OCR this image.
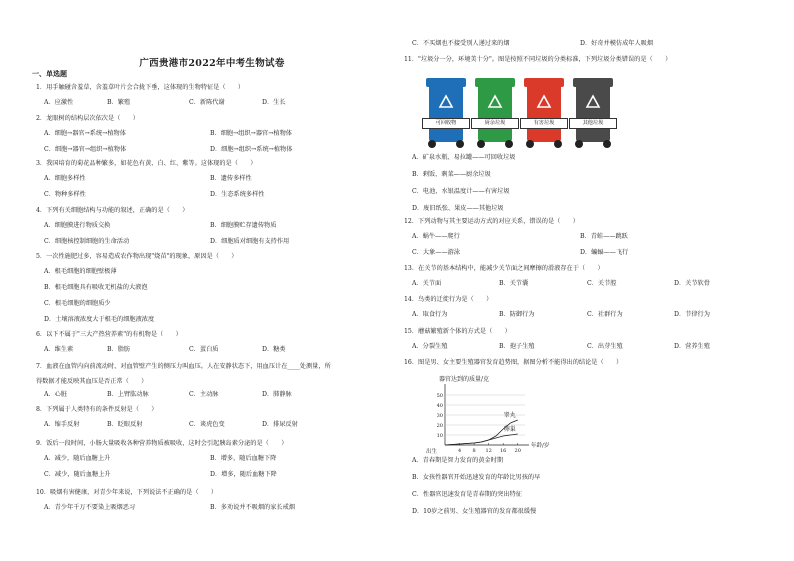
广西贵港市2022年中考生物试卷
一、单选题
1．用手触碰含羞草，含羞草叶片会合拢下垂，这体现的生物特征是（　　）
A．应激性	B．繁殖	C．新陈代谢	D．生长
2．龙眼树的结构层次依次是（　　）
A．细胞→器官→系统→植物体	B．细胞→组织→器官→植物体
C．细胞→器官→组织→植物体	D．细胞→组织→系统→植物体
3．我国培育的菊花品种繁多，如花色有黄、白、红、紫等。这体现的是（　　）
A．细胞多样性	B．遗传多样性
C．物种多样性	D．生态系统多样性
4．下列有关细胞结构与功能的叙述，正确的是（　　）
A．细胞膜进行物质交换	B．细胞膜贮存遗传物质
C．细胞核控制细胞的生命活动	D．细胞质对细胞有支持作用
5．一次性施肥过多，容易造成农作物出现"烧苗"的现象，原因是（　　）
A．根毛细胞的细胞壁极薄
B．根毛细胞具有吸收无机盐的大液泡
C．根毛细胞的细胞质少
D．土壤溶液浓度大于根毛的细胞液浓度
6．以下不属于"三大产热营养素"的有机物是（　　）
A．维生素	B．脂肪	C．蛋白质	D．糖类
7．血液在血管内向前流动时，对血管壁产生的侧压力叫血压。人在安静状态下，用血压计在____处测量，所
得数据才能反映其血压是否正常（　　）
A．心脏	B．上臂肱动脉	C．主动脉	D．肺静脉
8．下列属于人类特有的条件反射是（　　）
A．缩手反射	B．眨眼反射	C．谈虎色变	D．排尿反射
9．饭后一段时间，小肠大量吸收各种营养物质被吸收，这时会引起胰岛素分泌的是（　　）
A．减少，随后血糖上升	B．增多，随后血糖下降
C．减少，随后血糖上升	D．增多，随后血糖下降
10．吸烟有害健康，对青少年来说，下列说法不正确的是（　　）
A．青少年千万不要染上吸烟恶习	B．多劝说并不吸烟的家长戒烟
C．不买烟也不接受别人递过来的烟	D．好奇并模仿成年人吸烟
11．"垃圾分一分，环境美十分"。图是按照不同垃圾的分类标准，下列垃圾分类错误的是（　　）
A．矿泉水瓶、易拉罐——可回收垃圾
B．剩饭、剩菜——厨余垃圾
C．电池、水银温度计——有害垃圾
D．废旧纸张、果皮——其他垃圾
12．下列动物与其主要运动方式的对应关系，错误的是（　　）
A．蜗牛——爬行	B．青蛙——跳跃
C．大象——游泳	D．蝙蝠——飞行
13．在关节的基本结构中，能减少关节面之间摩擦的滑液存在于（　　）
A．关节面	B．关节囊	C．关节腔	D．关节软骨
14．鸟类的迁徙行为是（　　）
A．取食行为	B．防御行为	C．社群行为	D．节律行为
15．蘑菇繁殖新个体的方式是（　　）
A．分裂生殖	B．孢子生殖	C．出芽生殖	D．营养生殖
16．图是男、女主要生殖器官发育趋势图，据图分析不能得出的结论是（　　）
A．青春期是智力发育的黄金时期
B．女孩性器官开始迅速发育的年龄比男孩的早
C．性器官迅速发育是青春期的突出特征
D．10岁之前男、女生殖器官的发育都很缓慢
可回收物	厨余垃圾	有害垃圾	其他垃圾
器官达到的质量/克
年龄/岁
出生
10
20
30
40
50
4 8 12 16 20
睾丸
卵巢
